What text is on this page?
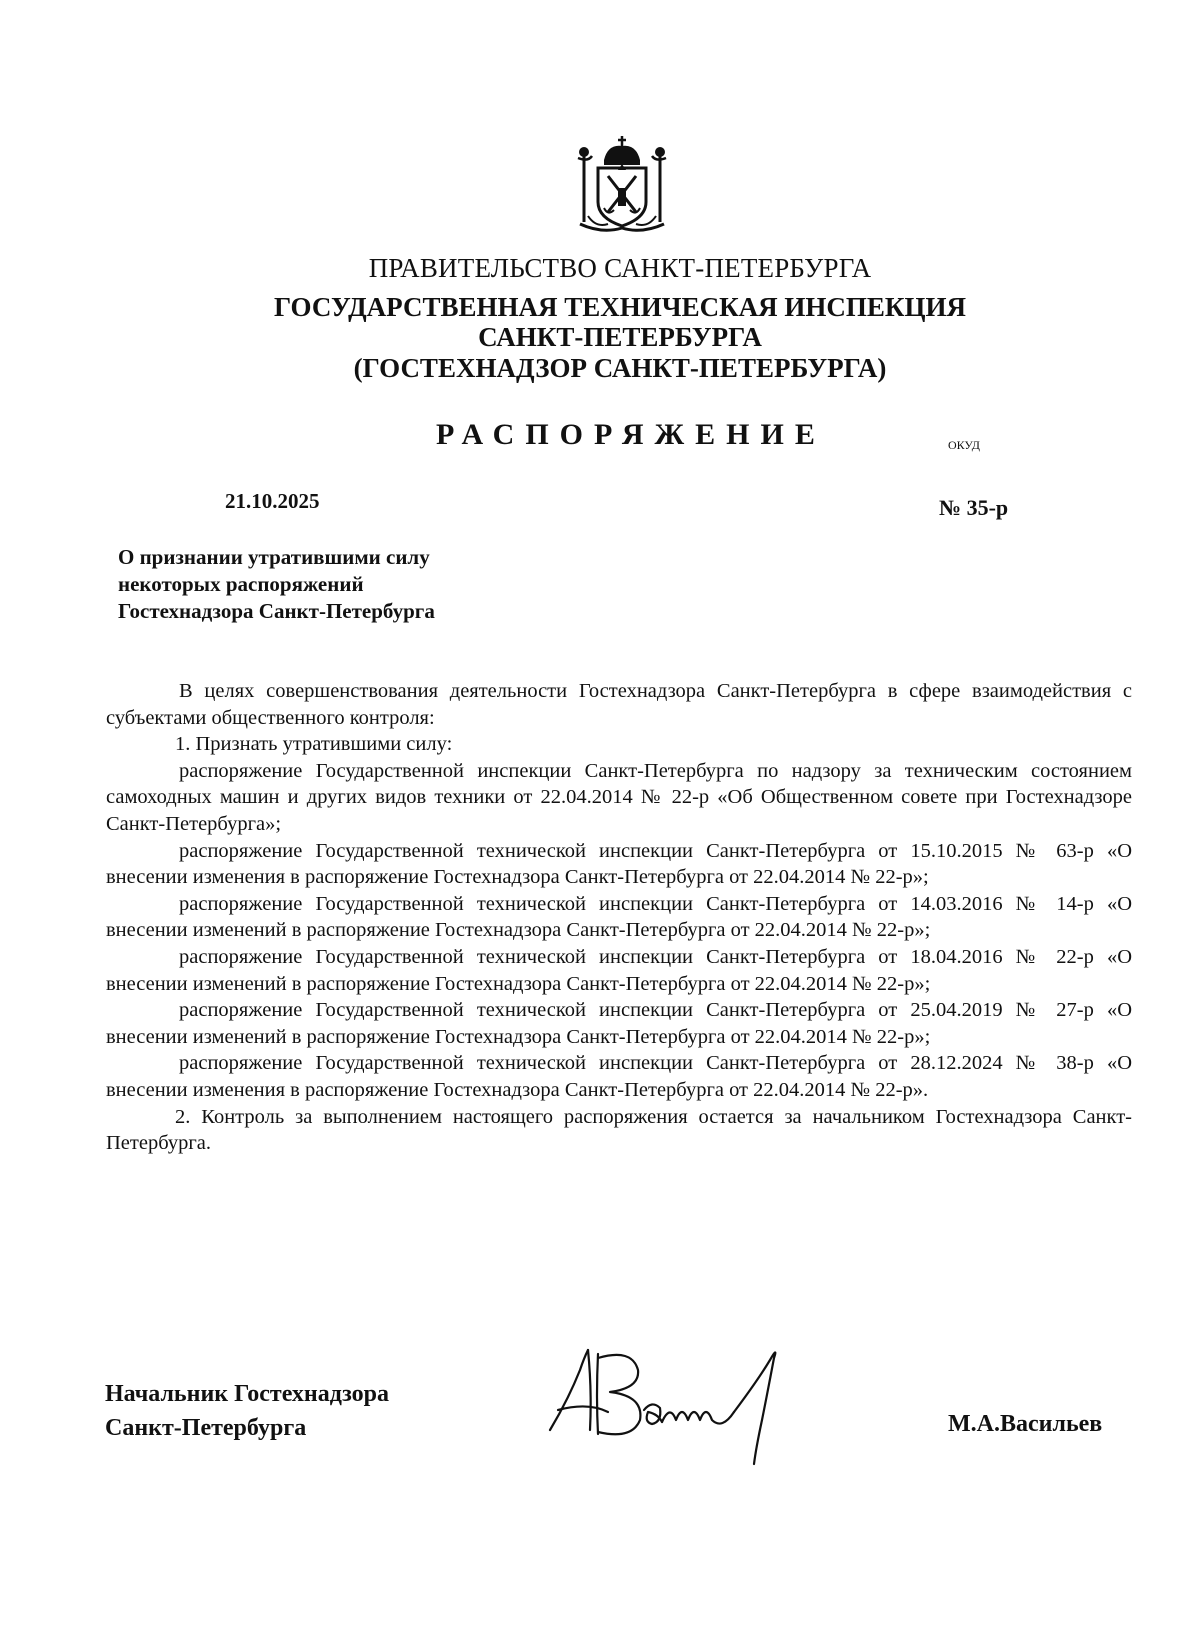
ПРАВИТЕЛЬСТВО САНКТ-ПЕТЕРБУРГА
ГОСУДАРСТВЕННАЯ ТЕХНИЧЕСКАЯ ИНСПЕКЦИЯ
САНКТ-ПЕТЕРБУРГА
(ГОСТЕХНАДЗОР САНКТ-ПЕТЕРБУРГА)
РАСПОРЯЖЕНИЕ	ОКУД
21.10.2025	№ 35-р
О признании утратившими силу
некоторых распоряжений
Гостехнадзора Санкт-Петербурга

В целях совершенствования деятельности Гостехнадзора Санкт-Петербурга в сфере взаимодействия с субъектами общественного контроля:

1. Признать утратившими силу:

распоряжение Государственной инспекции Санкт-Петербурга по надзору за техническим состоянием самоходных машин и других видов техники от 22.04.2014 № 22-р «Об Общественном совете при Гостехнадзоре Санкт-Петербурга»;

распоряжение Государственной технической инспекции Санкт-Петербурга от 15.10.2015 № 63-р «О внесении изменения в распоряжение Гостехнадзора Санкт-Петербурга от 22.04.2014 № 22-р»;

распоряжение Государственной технической инспекции Санкт-Петербурга от 14.03.2016 № 14-р «О внесении изменений в распоряжение Гостехнадзора Санкт-Петербурга от 22.04.2014 № 22-р»;

распоряжение Государственной технической инспекции Санкт-Петербурга от 18.04.2016 № 22-р «О внесении изменений в распоряжение Гостехнадзора Санкт-Петербурга от 22.04.2014 № 22-р»;

распоряжение Государственной технической инспекции Санкт-Петербурга от 25.04.2019 № 27-р «О внесении изменений в распоряжение Гостехнадзора Санкт-Петербурга от 22.04.2014 № 22-р»;

распоряжение Государственной технической инспекции Санкт-Петербурга от 28.12.2024 № 38-р «О внесении изменения в распоряжение Гостехнадзора Санкт-Петербурга от 22.04.2014 № 22-р».

2. Контроль за выполнением настоящего распоряжения остается за начальником Гостехнадзора Санкт-Петербурга.

Начальник Гостехнадзора
Санкт-Петербурга	М.А.Васильев
